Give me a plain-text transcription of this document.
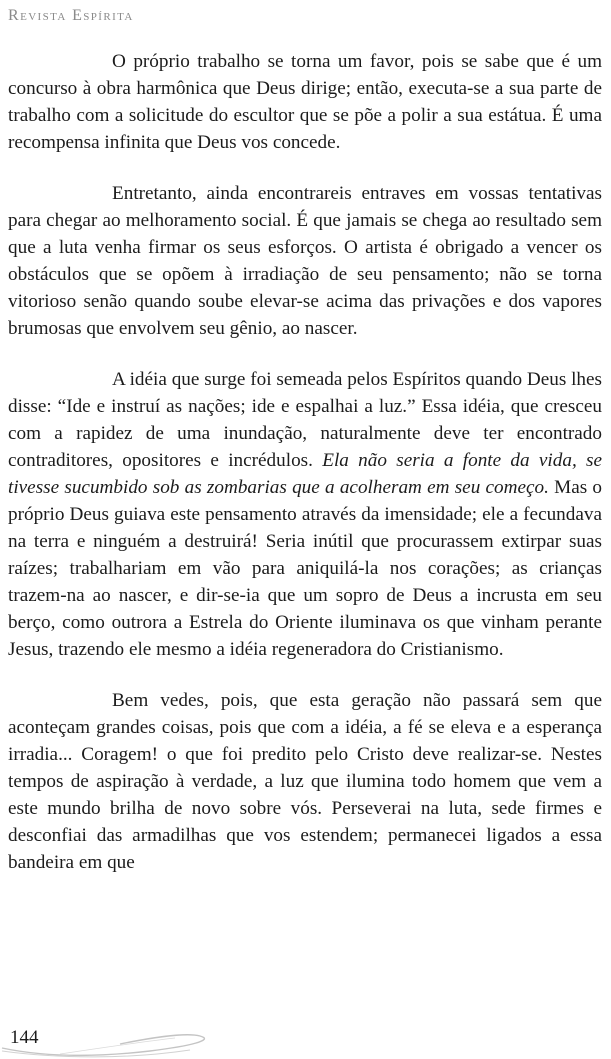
Revista Espírita

O próprio trabalho se torna um favor, pois se sabe que é um concurso à obra harmônica que Deus dirige; então, executa-se a sua parte de trabalho com a solicitude do escultor que se põe a polir a sua estátua. É uma recompensa infinita que Deus vos concede.

Entretanto, ainda encontrareis entraves em vossas tentativas para chegar ao melhoramento social. É que jamais se chega ao resultado sem que a luta venha firmar os seus esforços. O artista é obrigado a vencer os obstáculos que se opõem à irradiação de seu pensamento; não se torna vitorioso senão quando soube elevar-se acima das privações e dos vapores brumosas que envolvem seu gênio, ao nascer.

A idéia que surge foi semeada pelos Espíritos quando Deus lhes disse: “Ide e instruí as nações; ide e espalhai a luz.” Essa idéia, que cresceu com a rapidez de uma inundação, naturalmente deve ter encontrado contraditores, opositores e incrédulos. Ela não seria a fonte da vida, se tivesse sucumbido sob as zombarias que a acolheram em seu começo. Mas o próprio Deus guiava este pensamento através da imensidade; ele a fecundava na terra e ninguém a destruirá! Seria inútil que procurassem extirpar suas raízes; trabalhariam em vão para aniquilá-la nos corações; as crianças trazem-na ao nascer, e dir-se-ia que um sopro de Deus a incrusta em seu berço, como outrora a Estrela do Oriente iluminava os que vinham perante Jesus, trazendo ele mesmo a idéia regeneradora do Cristianismo.

Bem vedes, pois, que esta geração não passará sem que aconteçam grandes coisas, pois que com a idéia, a fé se eleva e a esperança irradia... Coragem! o que foi predito pelo Cristo deve realizar-se. Nestes tempos de aspiração à verdade, a luz que ilumina todo homem que vem a este mundo brilha de novo sobre vós. Perseverai na luta, sede firmes e desconfiai das armadilhas que vos estendem; permanecei ligados a essa bandeira em que

144
